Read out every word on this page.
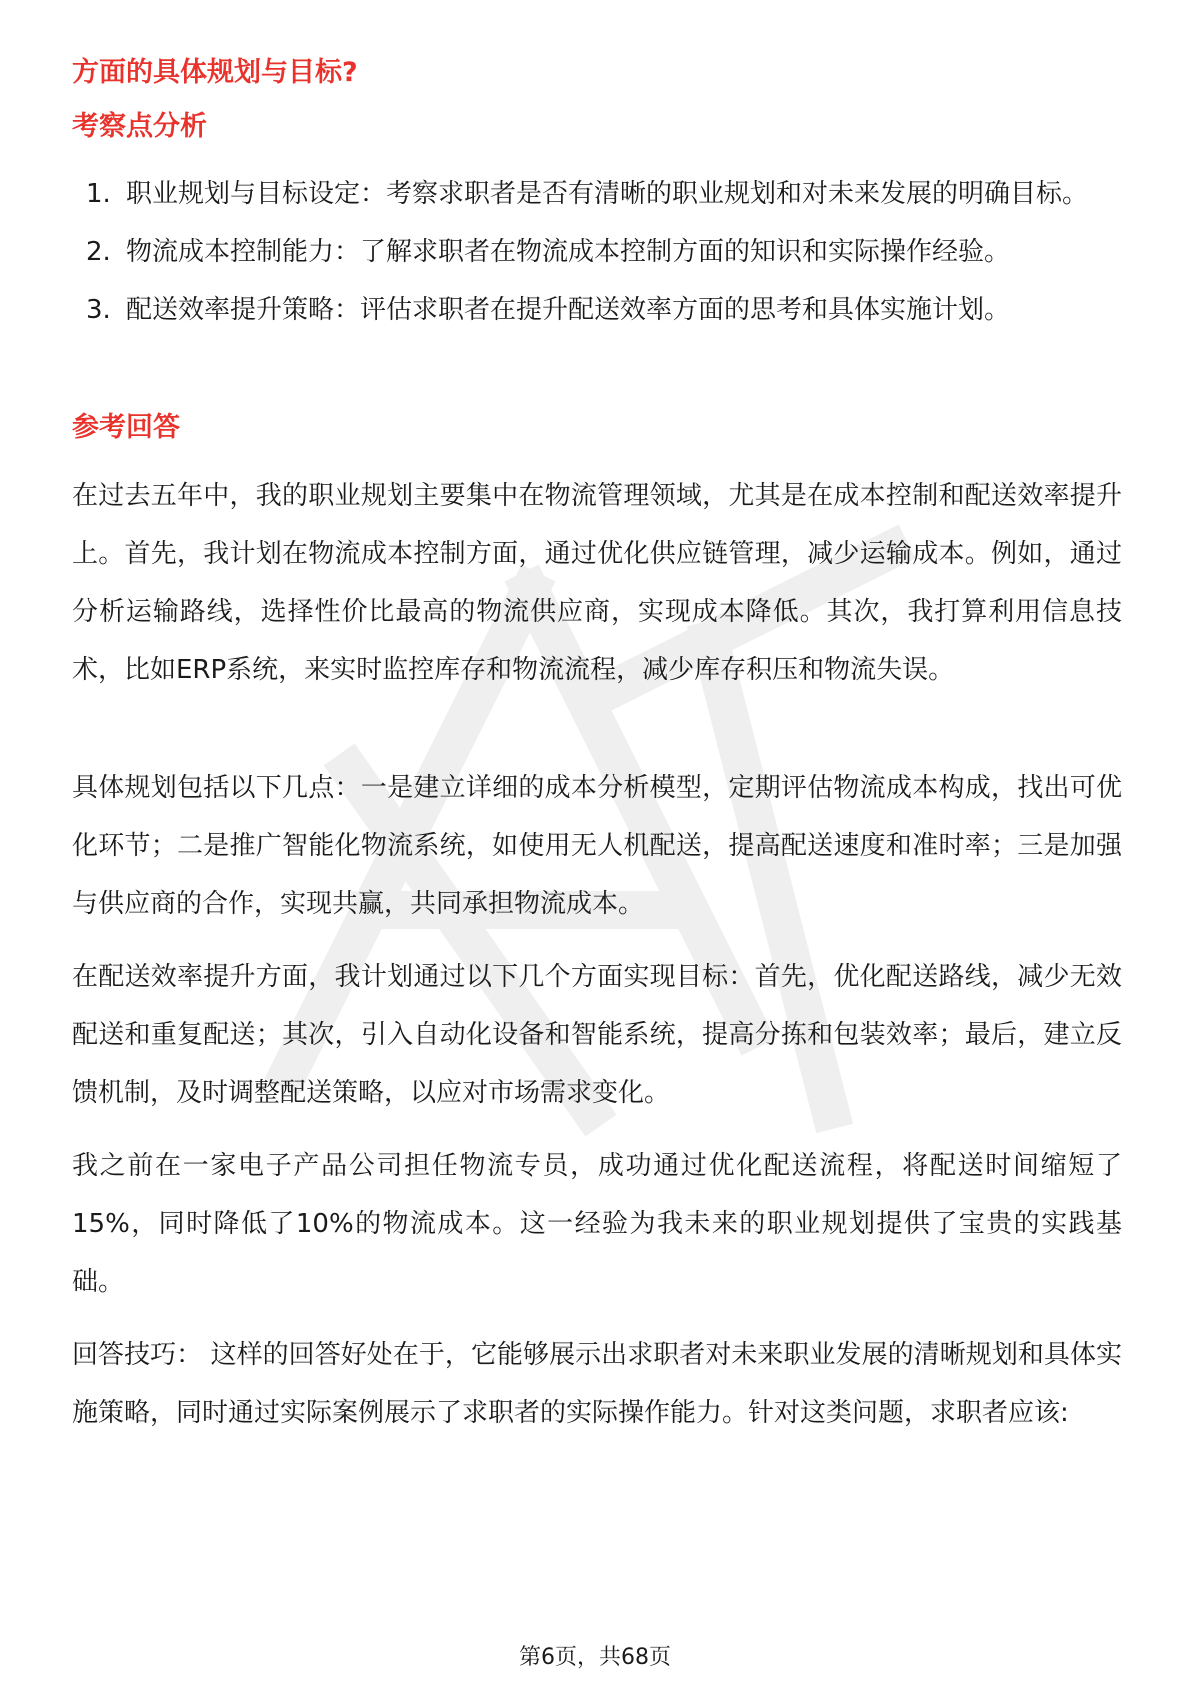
方面的具体规划与目标?
考察点分析
1. 职业规划与目标设定：考察求职者是否有清晰的职业规划和对未来发展的明确目标。
2. 物流成本控制能力：了解求职者在物流成本控制方面的知识和实际操作经验。
3. 配送效率提升策略：评估求职者在提升配送效率方面的思考和具体实施计划。
参考回答
在过去五年中，我的职业规划主要集中在物流管理领域，尤其是在成本控制和配送效率提升上。首先，我计划在物流成本控制方面，通过优化供应链管理，减少运输成本。例如，通过分析运输路线，选择性价比最高的物流供应商，实现成本降低。其次，我打算利用信息技术，比如ERP系统，来实时监控库存和物流流程，减少库存积压和物流失误。
具体规划包括以下几点：一是建立详细的成本分析模型，定期评估物流成本构成，找出可优化环节；二是推广智能化物流系统，如使用无人机配送，提高配送速度和准时率；三是加强与供应商的合作，实现共赢，共同承担物流成本。
在配送效率提升方面，我计划通过以下几个方面实现目标：首先，优化配送路线，减少无效配送和重复配送；其次，引入自动化设备和智能系统，提高分拣和包装效率；最后，建立反馈机制，及时调整配送策略，以应对市场需求变化。
我之前在一家电子产品公司担任物流专员，成功通过优化配送流程，将配送时间缩短了15%，同时降低了10%的物流成本。这一经验为我未来的职业规划提供了宝贵的实践基础。
回答技巧： 这样的回答好处在于，它能够展示出求职者对未来职业发展的清晰规划和具体实施策略，同时通过实际案例展示了求职者的实际操作能力。针对这类问题，求职者应该:
第6页，共68页
